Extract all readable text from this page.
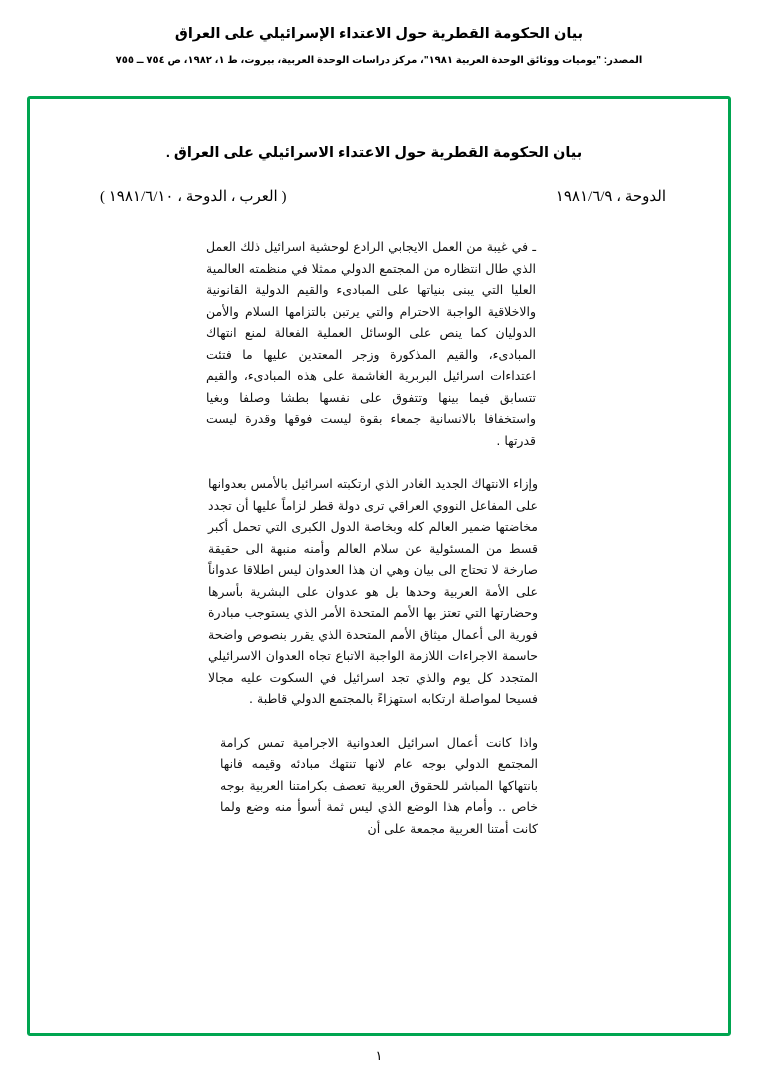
بيان الحكومة القطرية حول الاعتداء الإسرائيلي على العراق
المصدر: "يوميات ووثائق الوحدة العربية ١٩٨١"، مركز دراسات الوحدة العربية، بيروت، ط ١، ١٩٨٢، ص ٧٥٤ ــ ٧٥٥
بيان الحكومة القطرية حول الاعتداء الاسرائيلي على العراق .
الدوحة ، ١٩٨١/٦/٩
( العرب ، الدوحة ، ١٩٨١/٦/١٠ )

ـ في غيبة من العمل الايجابي الرادع لوحشية اسرائيل ذلك العمل الذي طال انتظاره من المجتمع الدولي ممثلا في منظمته العالمية العليا التي يبنى بنياتها على المبادىء والقيم الدولية القانونية والاخلاقية الواجبة الاحترام والتي يرتبن بالتزامها السلام والأمن الدوليان كما ينص على الوسائل العملية الفعالة لمنع انتهاك المبادىء، والقيم المذكورة وزجر المعتدين عليها ما فتئت اعتداءات اسرائيل البربرية الغاشمة على هذه المبادىء، والقيم تتسابق فيما بينها وتتفوق على نفسها بطشا وصلفا وبغيا واستخفافا بالانسانية جمعاء بقوة ليست فوقها وقدرة ليست قدرتها .

وإزاء الانتهاك الجديد الغادر الذي ارتكبته اسرائيل بالأمس بعدوانها على المفاعل النووي العراقي ترى دولة قطر لزاماً عليها أن تجدد مخاضتها ضمير العالم كله وبخاصة الدول الكبرى التي تحمل أكبر قسط من المسئولية عن سلام العالم وأمنه منبهة الى حقيقة صارخة لا تحتاج الى بيان وهي ان هذا العدوان ليس اطلاقا عدواناً على الأمة العربية وحدها بل هو عدوان على البشرية بأسرها وحضارتها التي تعتز بها الأمم المتحدة الأمر الذي يستوجب مبادرة فورية الى أعمال ميثاق الأمم المتحدة الذي يقرر بنصوص واضحة حاسمة الاجراءات اللازمة الواجبة الاتباع تجاه العدوان الاسرائيلي المتجدد كل يوم والذي تجد اسرائيل في السكوت عليه مجالا فسيحا لمواصلة ارتكابه استهزاءً بالمجتمع الدولي قاطبة .

واذا كانت أعمال اسرائيل العدوانية الاجرامية تمس كرامة المجتمع الدولي بوجه عام لانها تنتهك مبادئه وقيمه فانها بانتهاكها المباشر للحقوق العربية تعصف بكرامتنا العربية بوجه خاص .. وأمام هذا الوضع الذي ليس ثمة أسوأ منه وضع ولما كانت أمتنا العربية مجمعة على أن

١
